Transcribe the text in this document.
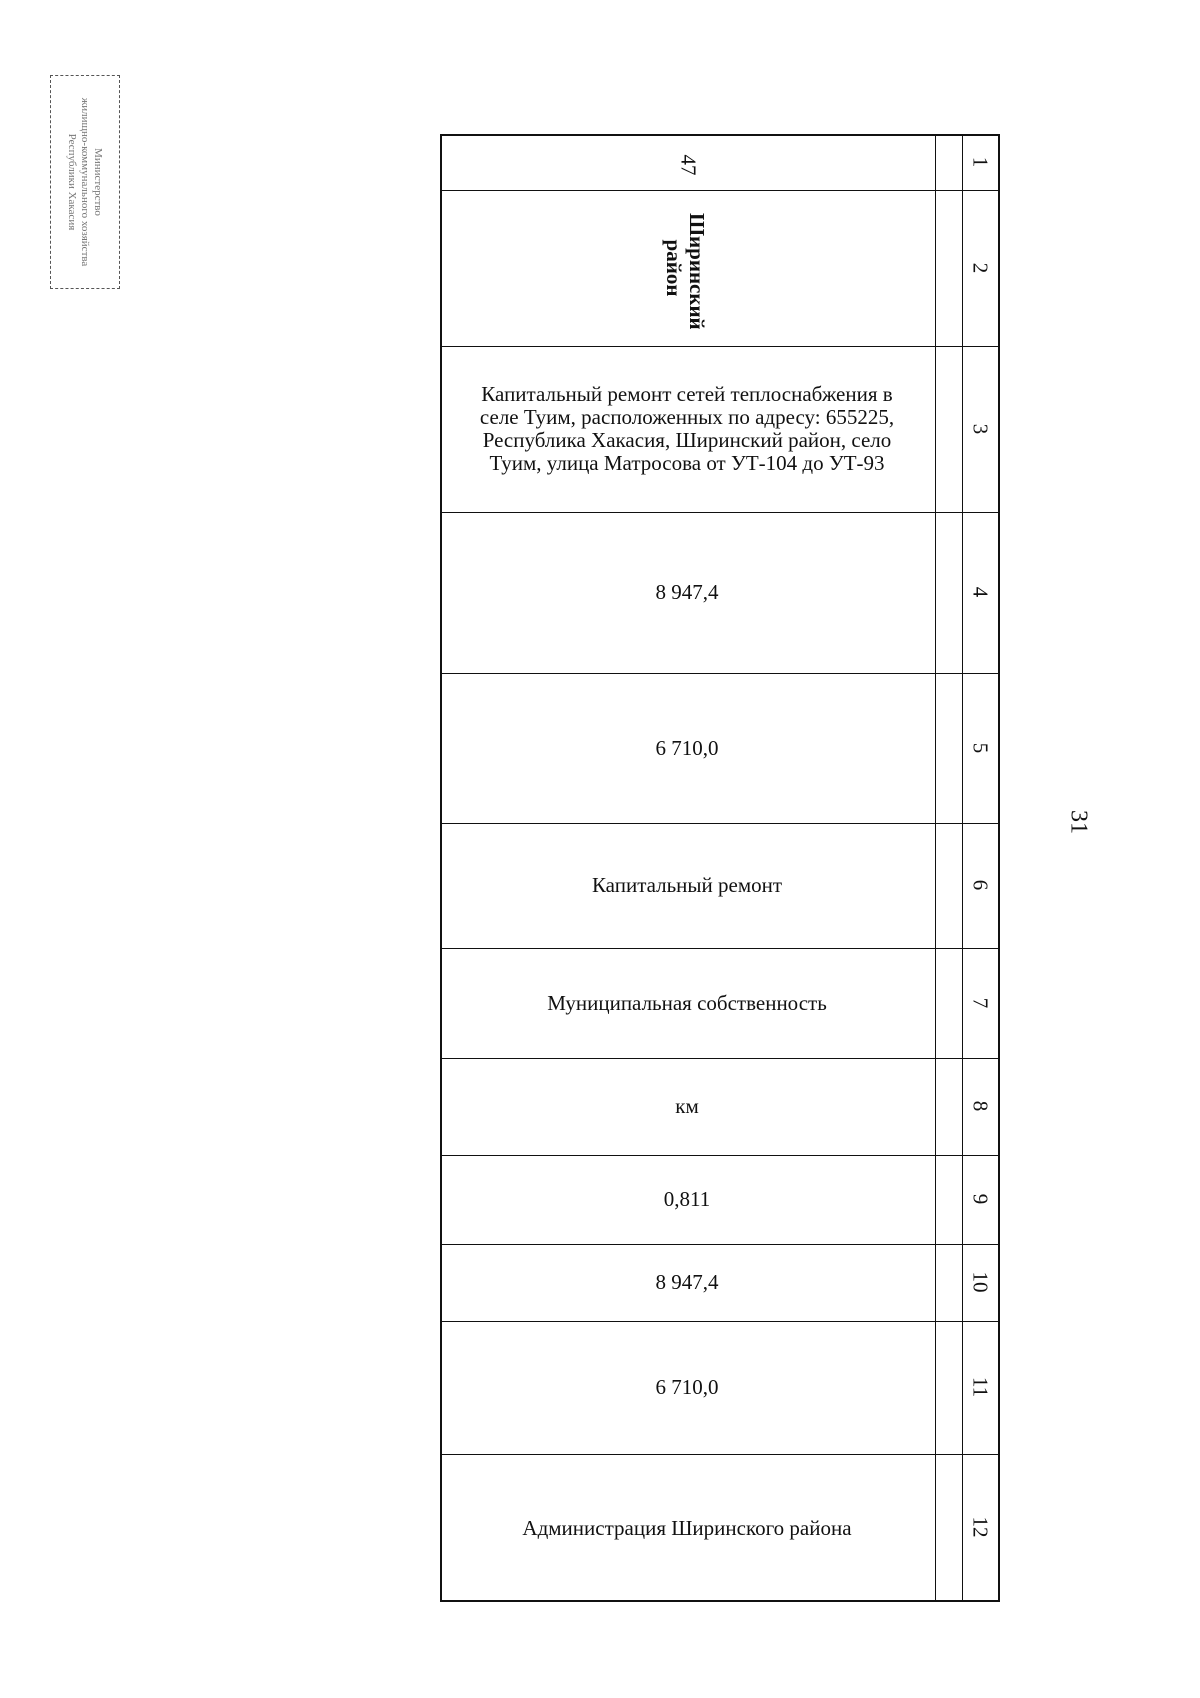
31
Министерство
жилищно-коммунального хозяйства
Республики Хакасия	47
Ширинский район
Капитальный ремонт сетей теплоснабжения в селе Туим, расположенных по адресу: 655225, Республика Хакасия, Ширинский район, село Туим, улица Матросова от УТ-104 до УТ-93
8 947,4
6 710,0
Капитальный ремонт
Муниципальная собственность
км
0,811
8 947,4
6 710,0
Администрация Ширинского района
1
2
3
4
5
6
7
8
9
10
11
12
